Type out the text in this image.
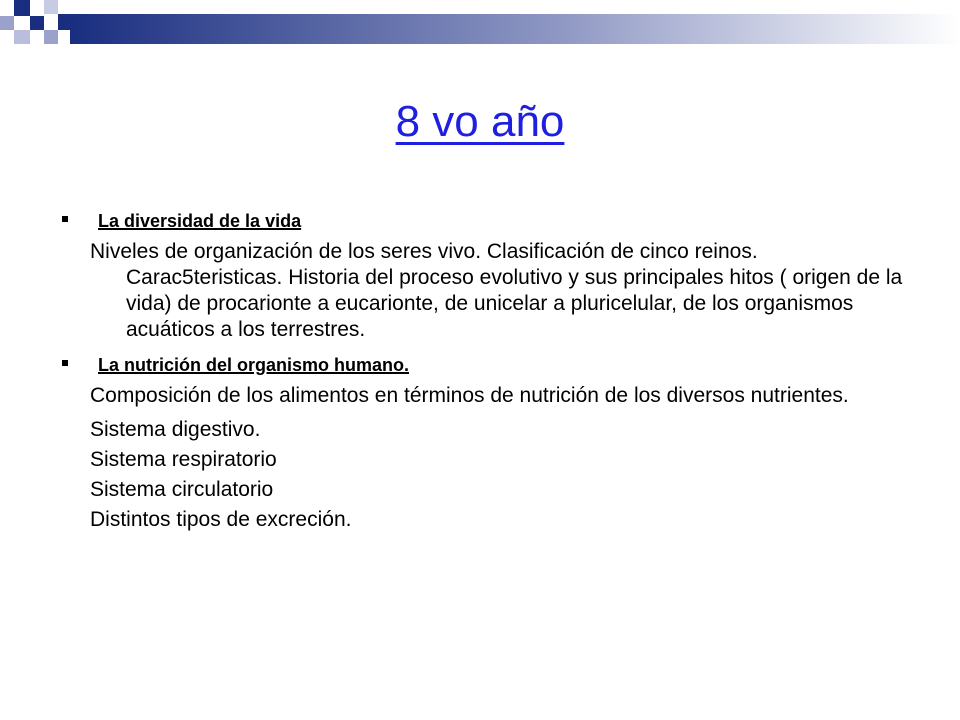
8 vo año
La diversidad de la vida
Niveles de organización de los seres vivo. Clasificación de cinco reinos. Carac5teristicas. Historia del proceso evolutivo y sus principales hitos ( origen de la vida) de procarionte a eucarionte, de unicelar a pluricelular, de los organismos acuáticos a los terrestres.
La nutrición del organismo humano.
Composición de los alimentos en términos de nutrición de los diversos nutrientes.
Sistema digestivo.
Sistema respiratorio
Sistema circulatorio
Distintos tipos de excreción.
